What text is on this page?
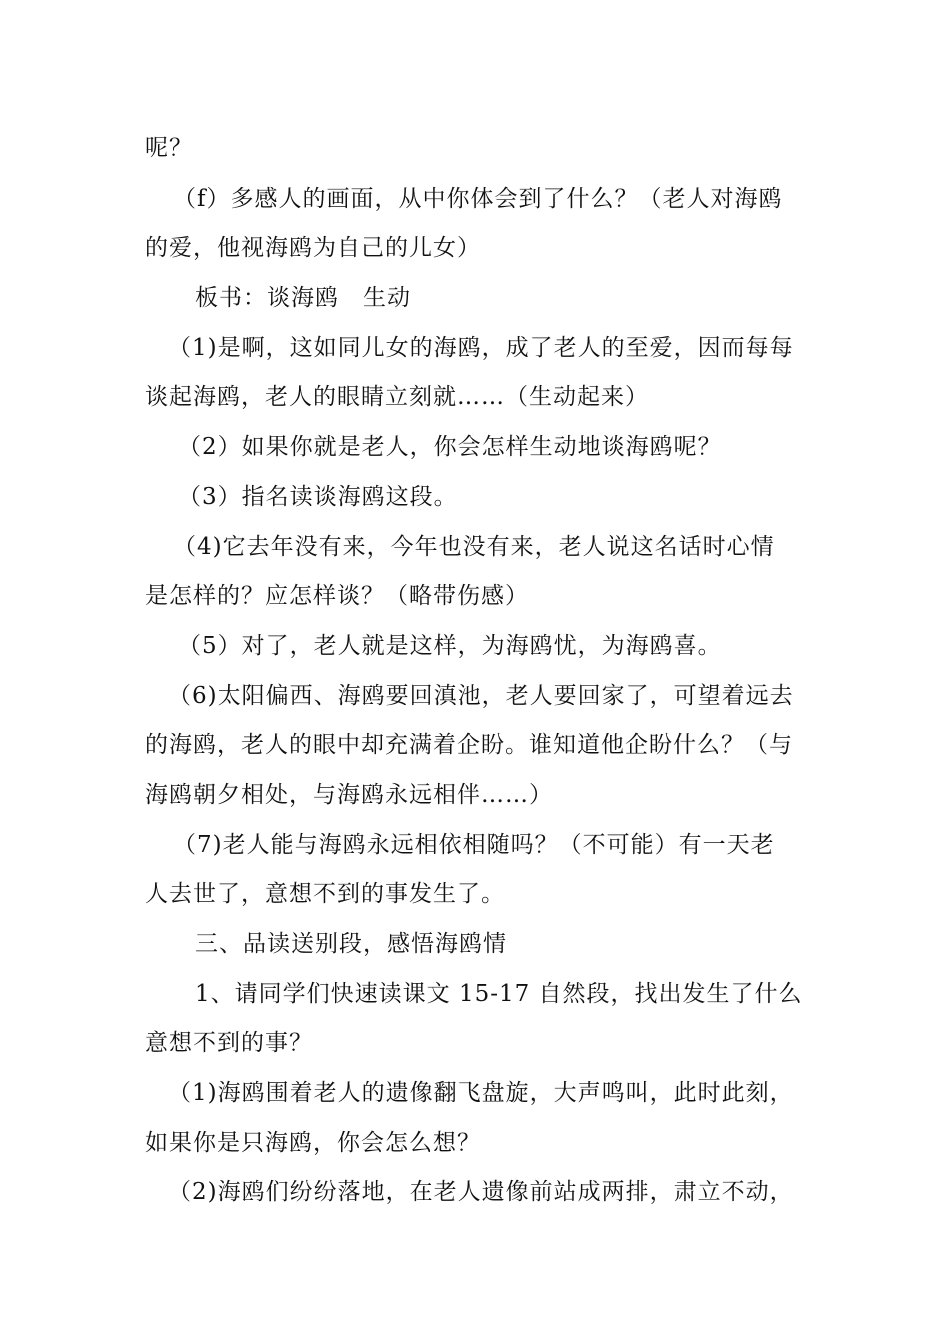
呢？
（f）多感人的画面，从中你体会到了什么？（老人对海鸥
的爱，他视海鸥为自己的儿女）
板书：谈海鸥　生动
（1)是啊，这如同儿女的海鸥，成了老人的至爱，因而每每
谈起海鸥，老人的眼睛立刻就……（生动起来）
（2）如果你就是老人，你会怎样生动地谈海鸥呢？
（3）指名读谈海鸥这段。
（4)它去年没有来，今年也没有来，老人说这名话时心情
是怎样的？应怎样谈？（略带伤感）
（5）对了，老人就是这样，为海鸥忧，为海鸥喜。
（6)太阳偏西、海鸥要回滇池，老人要回家了，可望着远去
的海鸥，老人的眼中却充满着企盼。谁知道他企盼什么？（与
海鸥朝夕相处，与海鸥永远相伴……）
（7)老人能与海鸥永远相依相随吗？（不可能）有一天老
人去世了，意想不到的事发生了。
三、品读送别段，感悟海鸥情
1、请同学们快速读课文 15-17 自然段，找出发生了什么
意想不到的事？
（1)海鸥围着老人的遗像翻飞盘旋，大声鸣叫，此时此刻，
如果你是只海鸥，你会怎么想？
（2)海鸥们纷纷落地，在老人遗像前站成两排，肃立不动，
